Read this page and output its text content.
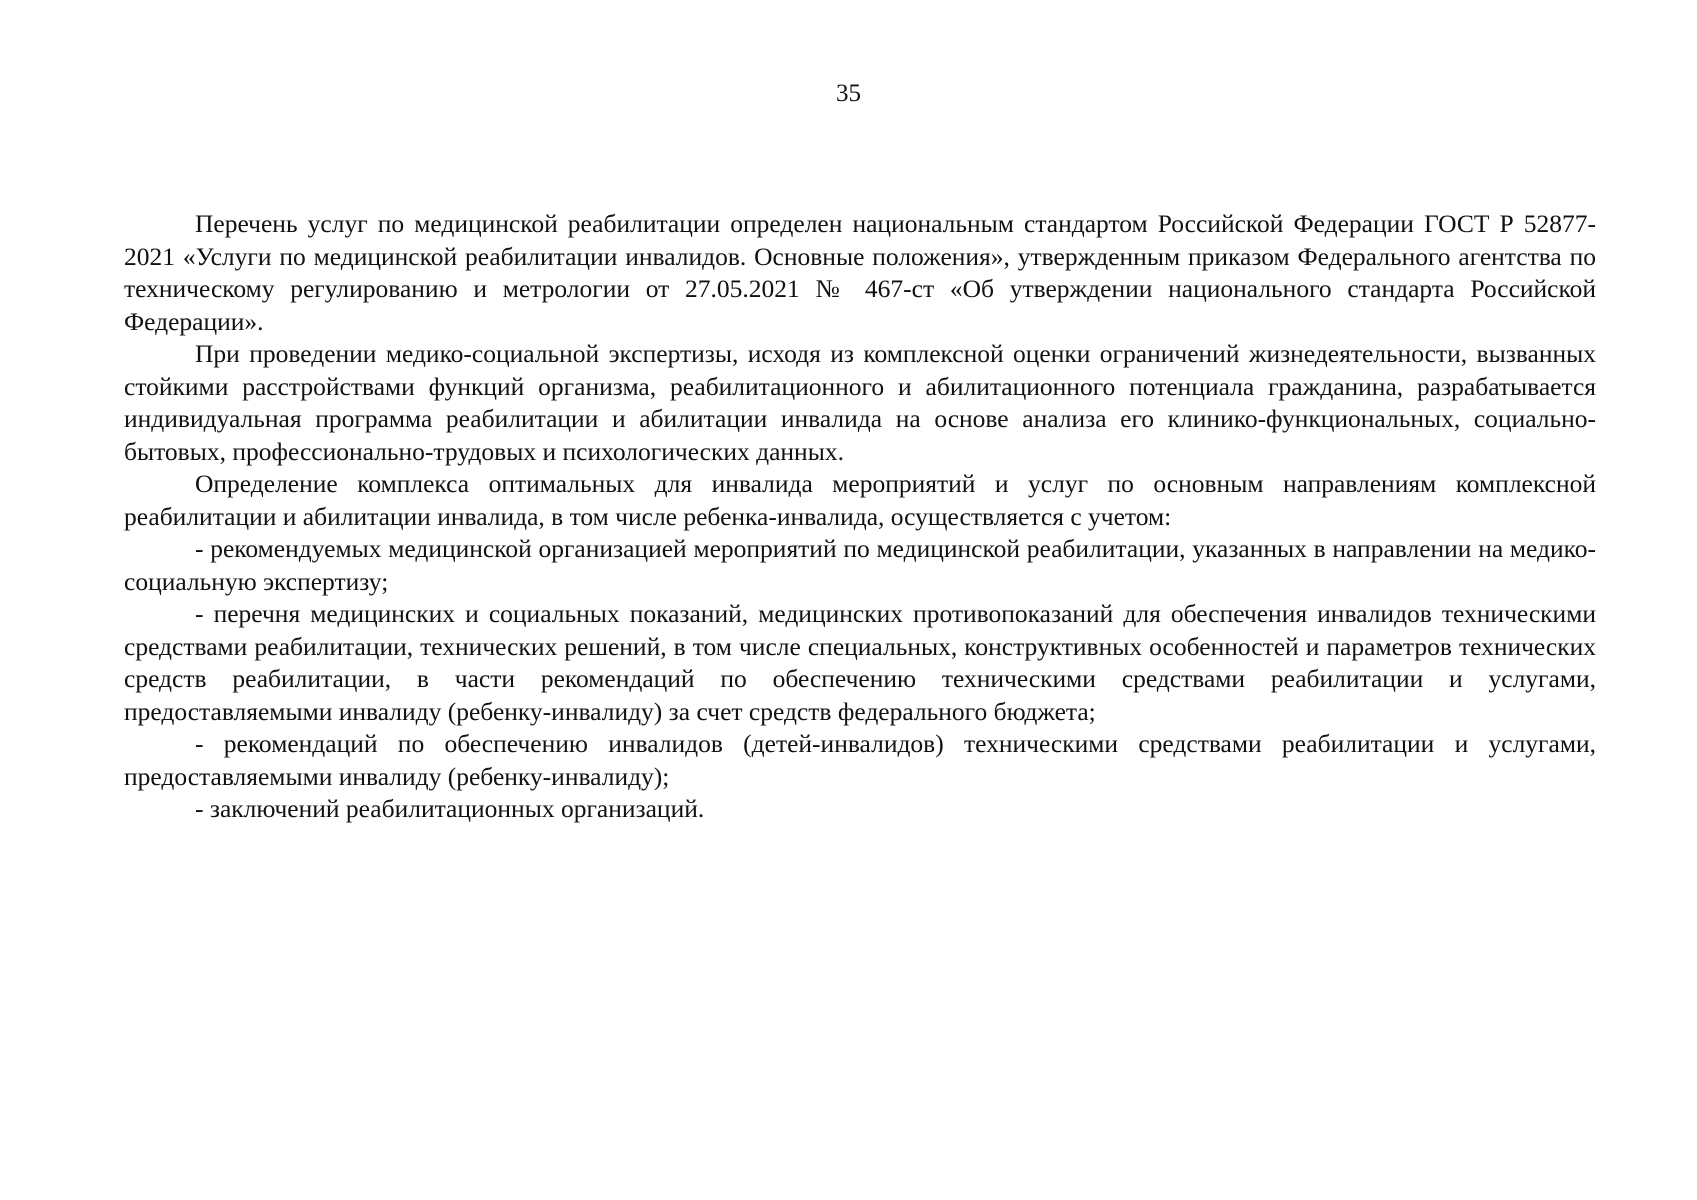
35

Перечень услуг по медицинской реабилитации определен национальным стандартом Российской Федерации ГОСТ Р 52877-2021 «Услуги по медицинской реабилитации инвалидов. Основные положения», утвержденным приказом Федерального агентства по техническому регулированию и метрологии от 27.05.2021 № 467-ст «Об утверждении национального стандарта Российской Федерации».

При проведении медико-социальной экспертизы, исходя из комплексной оценки ограничений жизнедеятельности, вызванных стойкими расстройствами функций организма, реабилитационного и абилитационного потенциала гражданина, разрабатывается индивидуальная программа реабилитации и абилитации инвалида на основе анализа его клинико-функциональных, социально-бытовых, профессионально-трудовых и психологических данных.

Определение комплекса оптимальных для инвалида мероприятий и услуг по основным направлениям комплексной реабилитации и абилитации инвалида, в том числе ребенка-инвалида, осуществляется с учетом:

- рекомендуемых медицинской организацией мероприятий по медицинской реабилитации, указанных в направлении на медико-социальную экспертизу;

- перечня медицинских и социальных показаний, медицинских противопоказаний для обеспечения инвалидов техническими средствами реабилитации, технических решений, в том числе специальных, конструктивных особенностей и параметров технических средств реабилитации, в части рекомендаций по обеспечению техническими средствами реабилитации и услугами, предоставляемыми инвалиду (ребенку-инвалиду) за счет средств федерального бюджета;

- рекомендаций по обеспечению инвалидов (детей-инвалидов) техническими средствами реабилитации и услугами, предоставляемыми инвалиду (ребенку-инвалиду);

- заключений реабилитационных организаций.
